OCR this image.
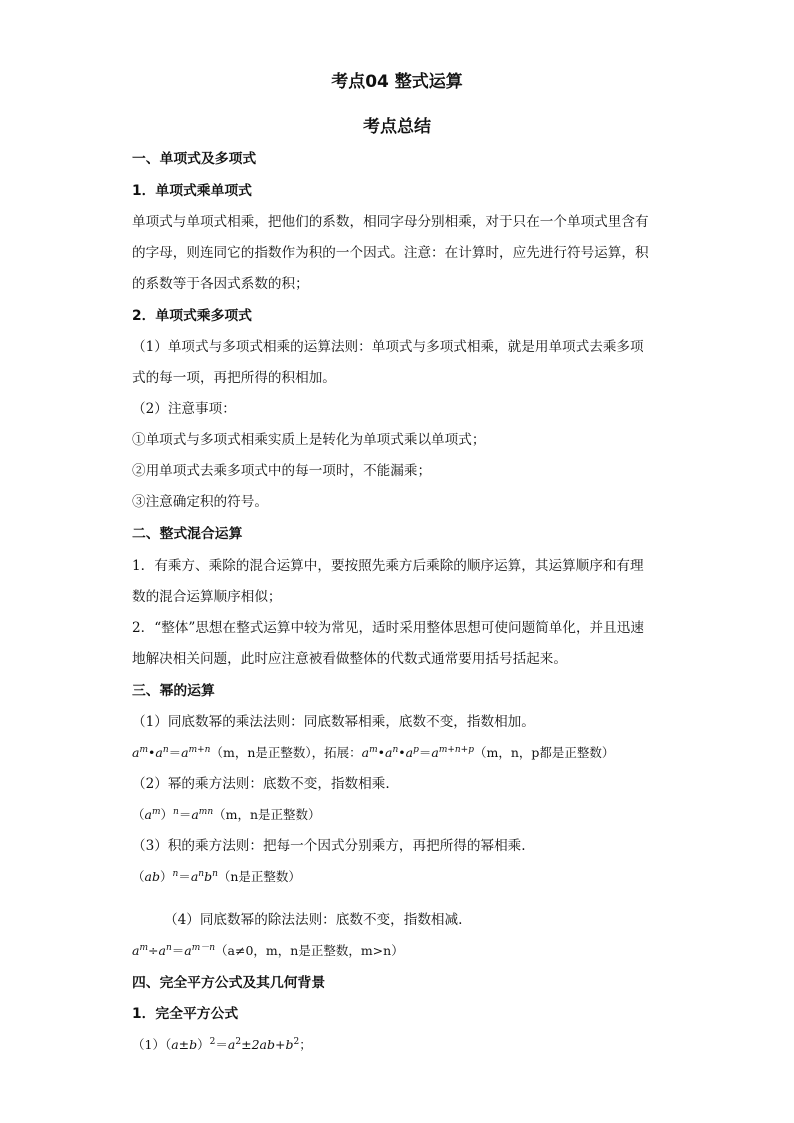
考点04 整式运算
考点总结
一、单项式及多项式
1．单项式乘单项式
单项式与单项式相乘，把他们的系数，相同字母分别相乘，对于只在一个单项式里含有
的字母，则连同它的指数作为积的一个因式。注意：在计算时，应先进行符号运算，积
的系数等于各因式系数的积；
2．单项式乘多项式
（1）单项式与多项式相乘的运算法则：单项式与多项式相乘，就是用单项式去乘多项
式的每一项，再把所得的积相加。
（2）注意事项：
①单项式与多项式相乘实质上是转化为单项式乘以单项式；
②用单项式去乘多项式中的每一项时，不能漏乘；
③注意确定积的符号。
二、整式混合运算
1．有乘方、乘除的混合运算中，要按照先乘方后乘除的顺序运算，其运算顺序和有理
数的混合运算顺序相似；
2．“整体”思想在整式运算中较为常见，适时采用整体思想可使问题简单化，并且迅速
地解决相关问题，此时应注意被看做整体的代数式通常要用括号括起来。
三、幂的运算
（1）同底数幂的乘法法则：同底数幂相乘，底数不变，指数相加。
$a^m•a^n=a^{m+n}(m$，n是正整数），拓展：$a^m•a^n•a^p=a^{m+n+p}(m$，n，p都是正整数）
（2）幂的乘方法则：底数不变，指数相乘.
$(a^m)^n=a^{mn}(m$，n是正整数）
（3）积的乘方法则：把每一个因式分别乘方，再把所得的幂相乘.
$(ab)^n=a^nb^n(n$是正整数）
（4）同底数幂的除法法则：底数不变，指数相减.
$a^m\div a^n=a^{m-n}(a\ne 0$，m，n是正整数，m>n）
四、完全平方公式及其几何背景
1．完全平方公式
$(1)(a\pm b)^2=a^2\pm 2ab+b^2$；
